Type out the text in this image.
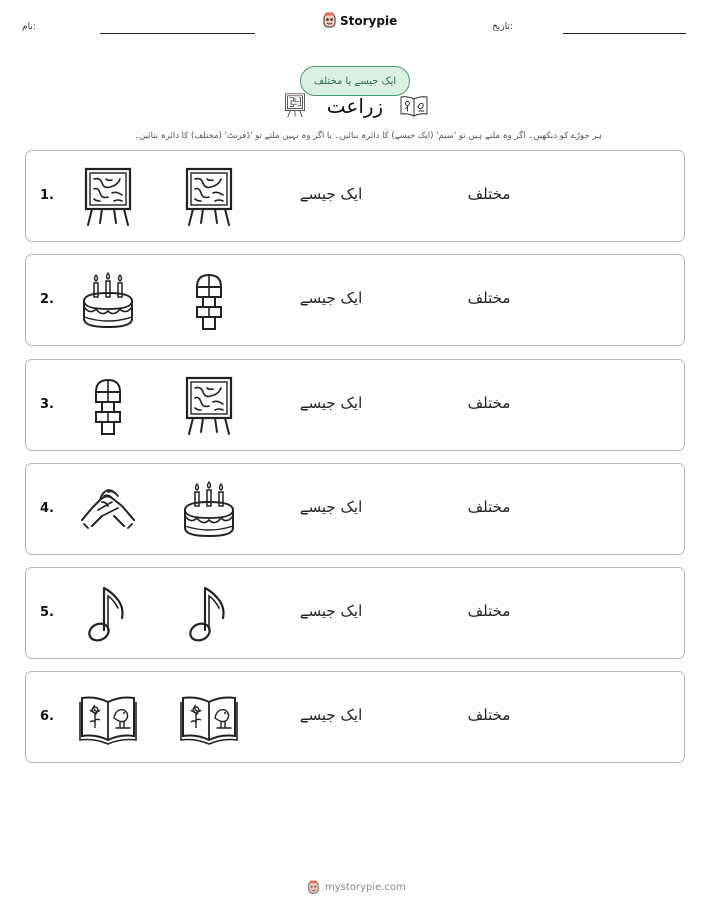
نام:	Storypie	تاریخ:
ایک جیسے یا مختلف
زراعت
ہر جوڑے کو دیکھیں۔ اگر وہ ملتے ہیں تو 'سیم' (ایک جیسے) کا دائرہ بنائیں۔ یا اگر وہ نہیں ملتے تو 'ڈفرنٹ' (مختلف) کا دائرہ بنائیں۔
1.	ایک جیسے	مختلف
2.	ایک جیسے	مختلف
3.	ایک جیسے	مختلف
4.	ایک جیسے	مختلف
5.	ایک جیسے	مختلف
6.	ایک جیسے	مختلف
mystorypie.com
